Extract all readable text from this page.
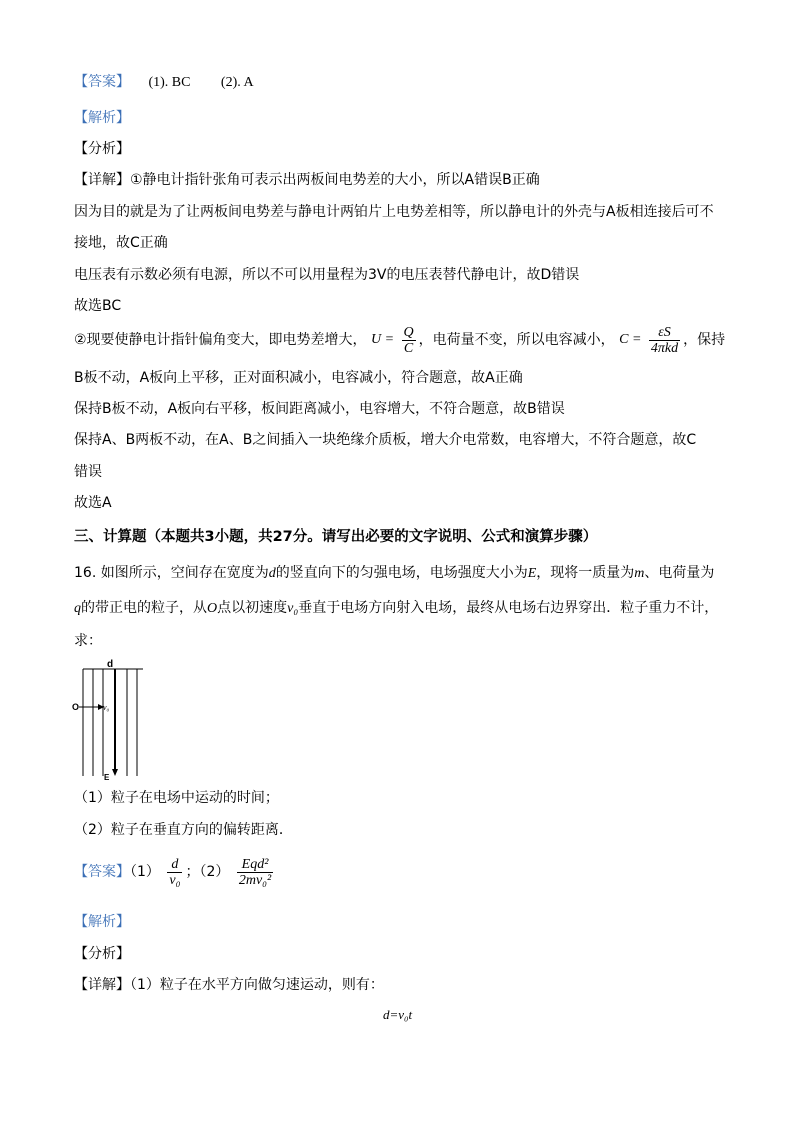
【答案】 (1). BC (2). A
【解析】
【分析】
【详解】①静电计指针张角可表示出两板间电势差的大小，所以A错误B正确
因为目的就是为了让两板间电势差与静电计两铂片上电势差相等，所以静电计的外壳与A板相连接后可不
接地，故C正确
电压表有示数必须有电源，所以不可以用量程为3V的电压表替代静电计，故D错误
故选BC
②现要使静电计指针偏角变大，即电势差增大， $U = \frac{Q}{C}$ ，电荷量不变，所以电容减小， $C = \frac{\varepsilon S}{\text{4πkd}}$ ，保持
B板不动，A板向上平移，正对面积减小，电容减小，符合题意，故A正确
保持B板不动，A板向右平移，板间距离减小，电容增大，不符合题意，故B错误
保持A、B两板不动，在A、B之间插入一块绝缘介质板，增大介电常数，电容增大，不符合题意，故C
错误
故选A
三、计算题（本题共3小题，共27分。请写出必要的文字说明、公式和演算步骤）
16. 如图所示，空间存在宽度为d的竖直向下的匀强电场，电场强度大小为E，现将一质量为m、电荷量为
q的带正电的粒子，从O点以初速度v₀垂直于电场方向射入电场，最终从电场右边界穿出．粒子重力不计，
求：
d
O	v₀
E
（1）粒子在电场中运动的时间；
（2）粒子在垂直方向的偏转距离．
【答案】$(1) \frac{d}{\text{v₀}}$ ；$(2) \frac{\text{Eqd²}}{\text{2mv₀²}}$
【解析】
【分析】
【详解】（1）粒子在水平方向做匀速运动，则有：
d=v₀t
